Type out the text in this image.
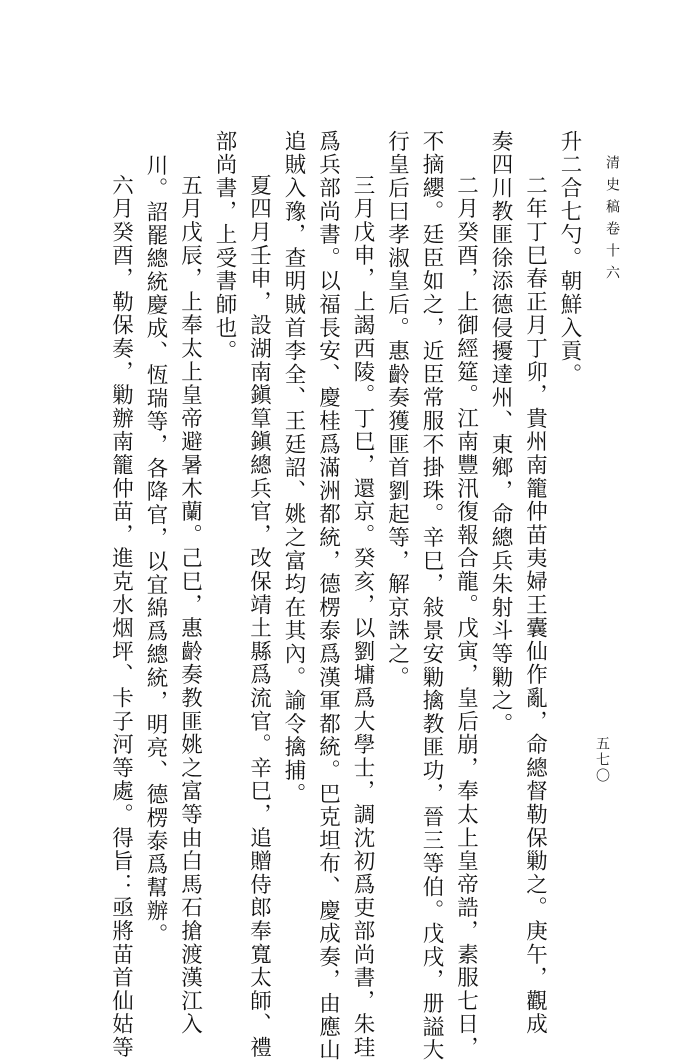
清史稿卷十六
五七〇
升二合七勺。朝鮮入貢。
二年丁巳春正月丁卯，貴州南籠仲苗夷婦王囊仙作亂，命總督勒保勦之。庚午，觀成
奏四川教匪徐添德侵擾達州、東鄉，命總兵朱射斗等勦之。
二月癸酉，上御經筵。江南豐汛復報合龍。戊寅，皇后崩，奉太上皇帝誥，素服七日，
不摘纓。廷臣如之，近臣常服不掛珠。辛巳，敍景安勦擒教匪功，晉三等伯。戊戌，册謚大
行皇后曰孝淑皇后。惠齡奏獲匪首劉起等，解京誅之。
三月戊申，上謁西陵。丁巳，還京。癸亥，以劉墉爲大學士，調沈初爲吏部尚書，朱珪
爲兵部尚書。以福長安、慶桂爲滿洲都統，德楞泰爲漢軍都統。巴克坦布、慶成奏，由應山
追賊入豫，查明賊首李全、王廷詔、姚之富均在其內。諭令擒捕。
夏四月壬申，設湖南鎭筸鎭總兵官，改保靖土縣爲流官。辛巳，追贈侍郎奉寬太師、禮
部尚書，上受書師也。
五月戊辰，上奉太上皇帝避暑木蘭。己巳，惠齡奏教匪姚之富等由白馬石搶渡漢江入
川。詔罷總統慶成、恆瑞等，各降官，以宜綿爲總統，明亮、德楞泰爲幫辦。
六月癸酉，勒保奏，勦辦南籠仲苗，進克水烟坪、卡子河等處。得旨：亟將苗首仙姑等
